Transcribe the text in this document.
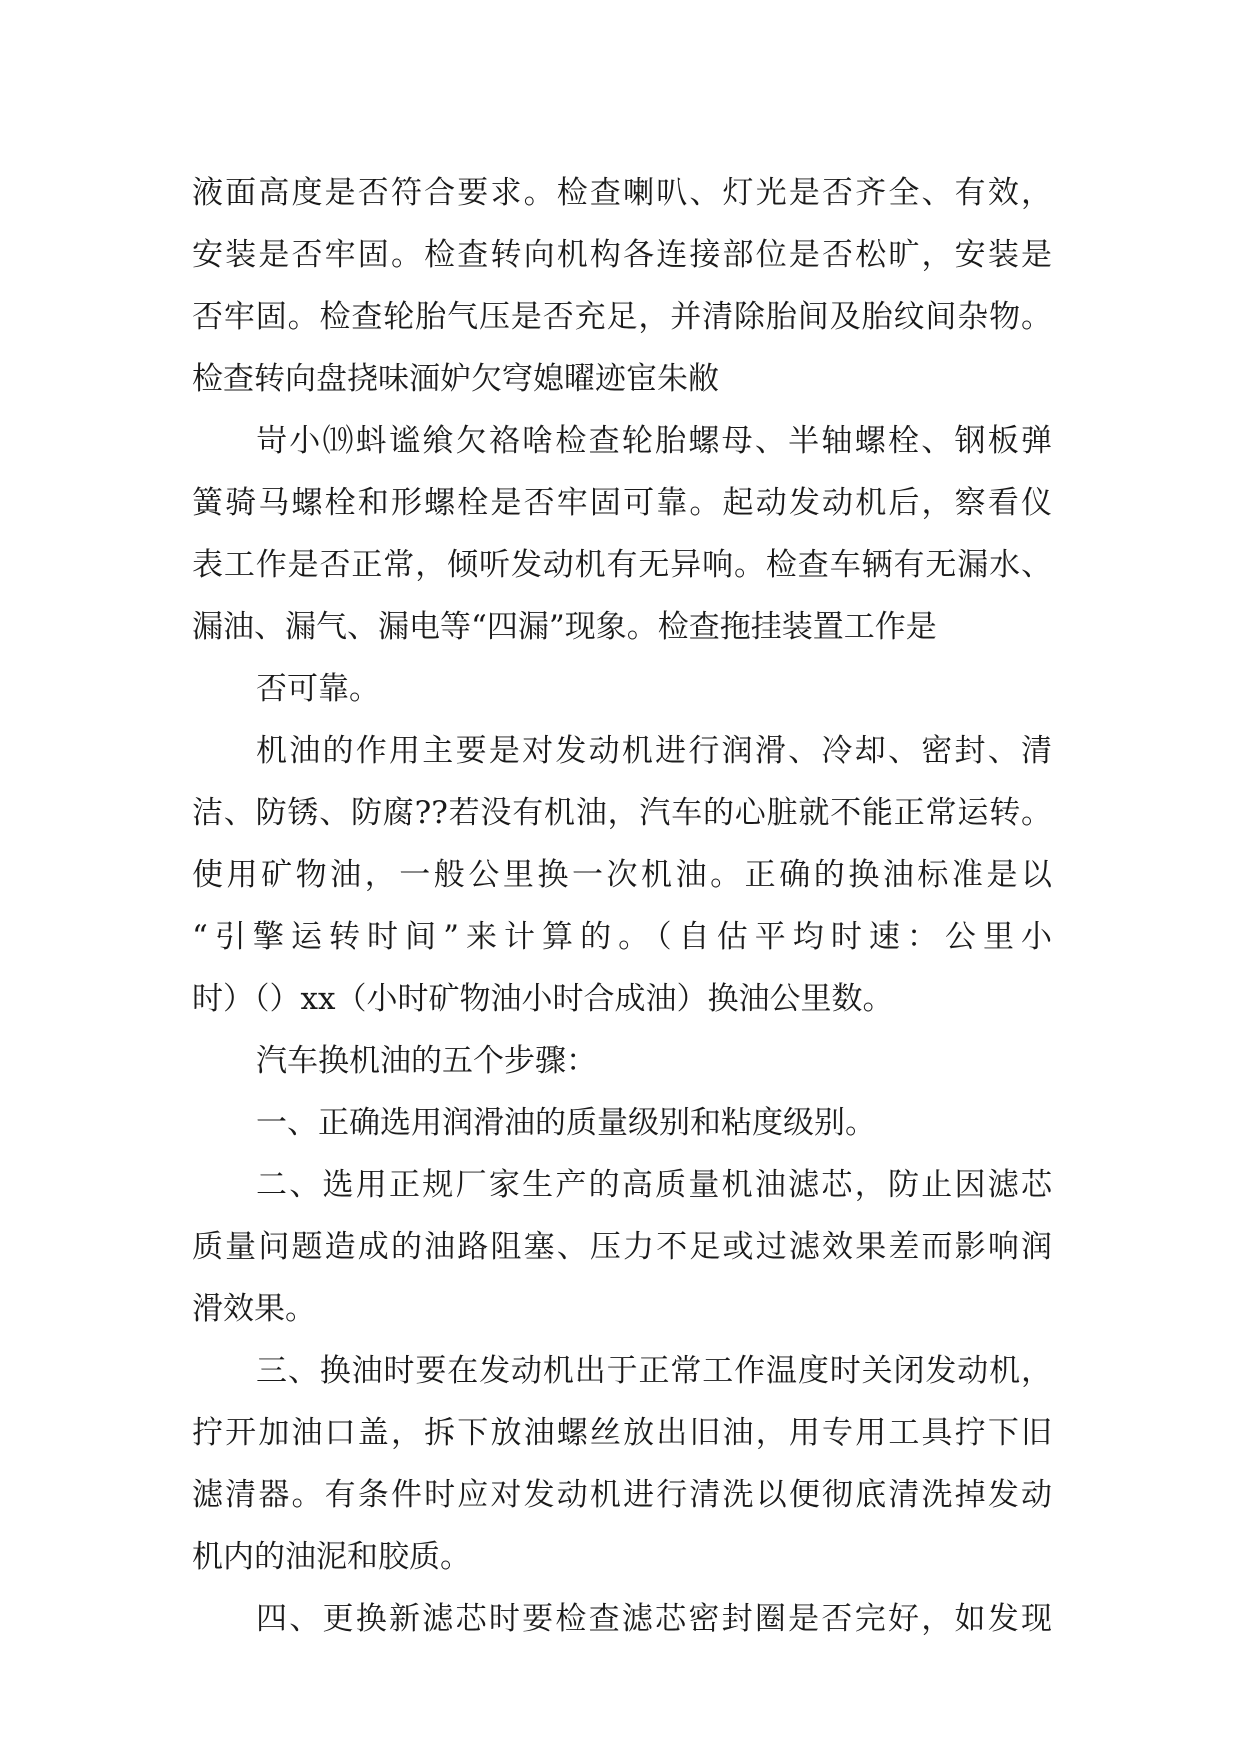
液面高度是否符合要求。检查喇叭、灯光是否齐全、有效，
安装是否牢固。检查转向机构各连接部位是否松旷，安装是
否牢固。检查轮胎气压是否充足，并清除胎间及胎纹间杂物。
检查转向盘挠味湎妒欠穹媳曜迹宦朱敝
岢小⒆蚪谧飨欠袼啥检查轮胎螺母、半轴螺栓、钢板弹
簧骑马螺栓和形螺栓是否牢固可靠。起动发动机后，察看仪
表工作是否正常，倾听发动机有无异响。检查车辆有无漏水、
漏油、漏气、漏电等“四漏”现象。检查拖挂装置工作是
否可靠。
机油的作用主要是对发动机进行润滑、冷却、密封、清
洁、防锈、防腐??若没有机油，汽车的心脏就不能正常运转。
使用矿物油，一般公里换一次机油。正确的换油标准是以
“引擎运转时间”来计算的。（自估平均时速：公里小
时）（）xx（小时矿物油小时合成油）换油公里数。
汽车换机油的五个步骤：
一、正确选用润滑油的质量级别和粘度级别。
二、选用正规厂家生产的高质量机油滤芯，防止因滤芯
质量问题造成的油路阻塞、压力不足或过滤效果差而影响润
滑效果。
三、换油时要在发动机出于正常工作温度时关闭发动机，
拧开加油口盖，拆下放油螺丝放出旧油，用专用工具拧下旧
滤清器。有条件时应对发动机进行清洗以便彻底清洗掉发动
机内的油泥和胶质。
四、更换新滤芯时要检查滤芯密封圈是否完好，如发现
